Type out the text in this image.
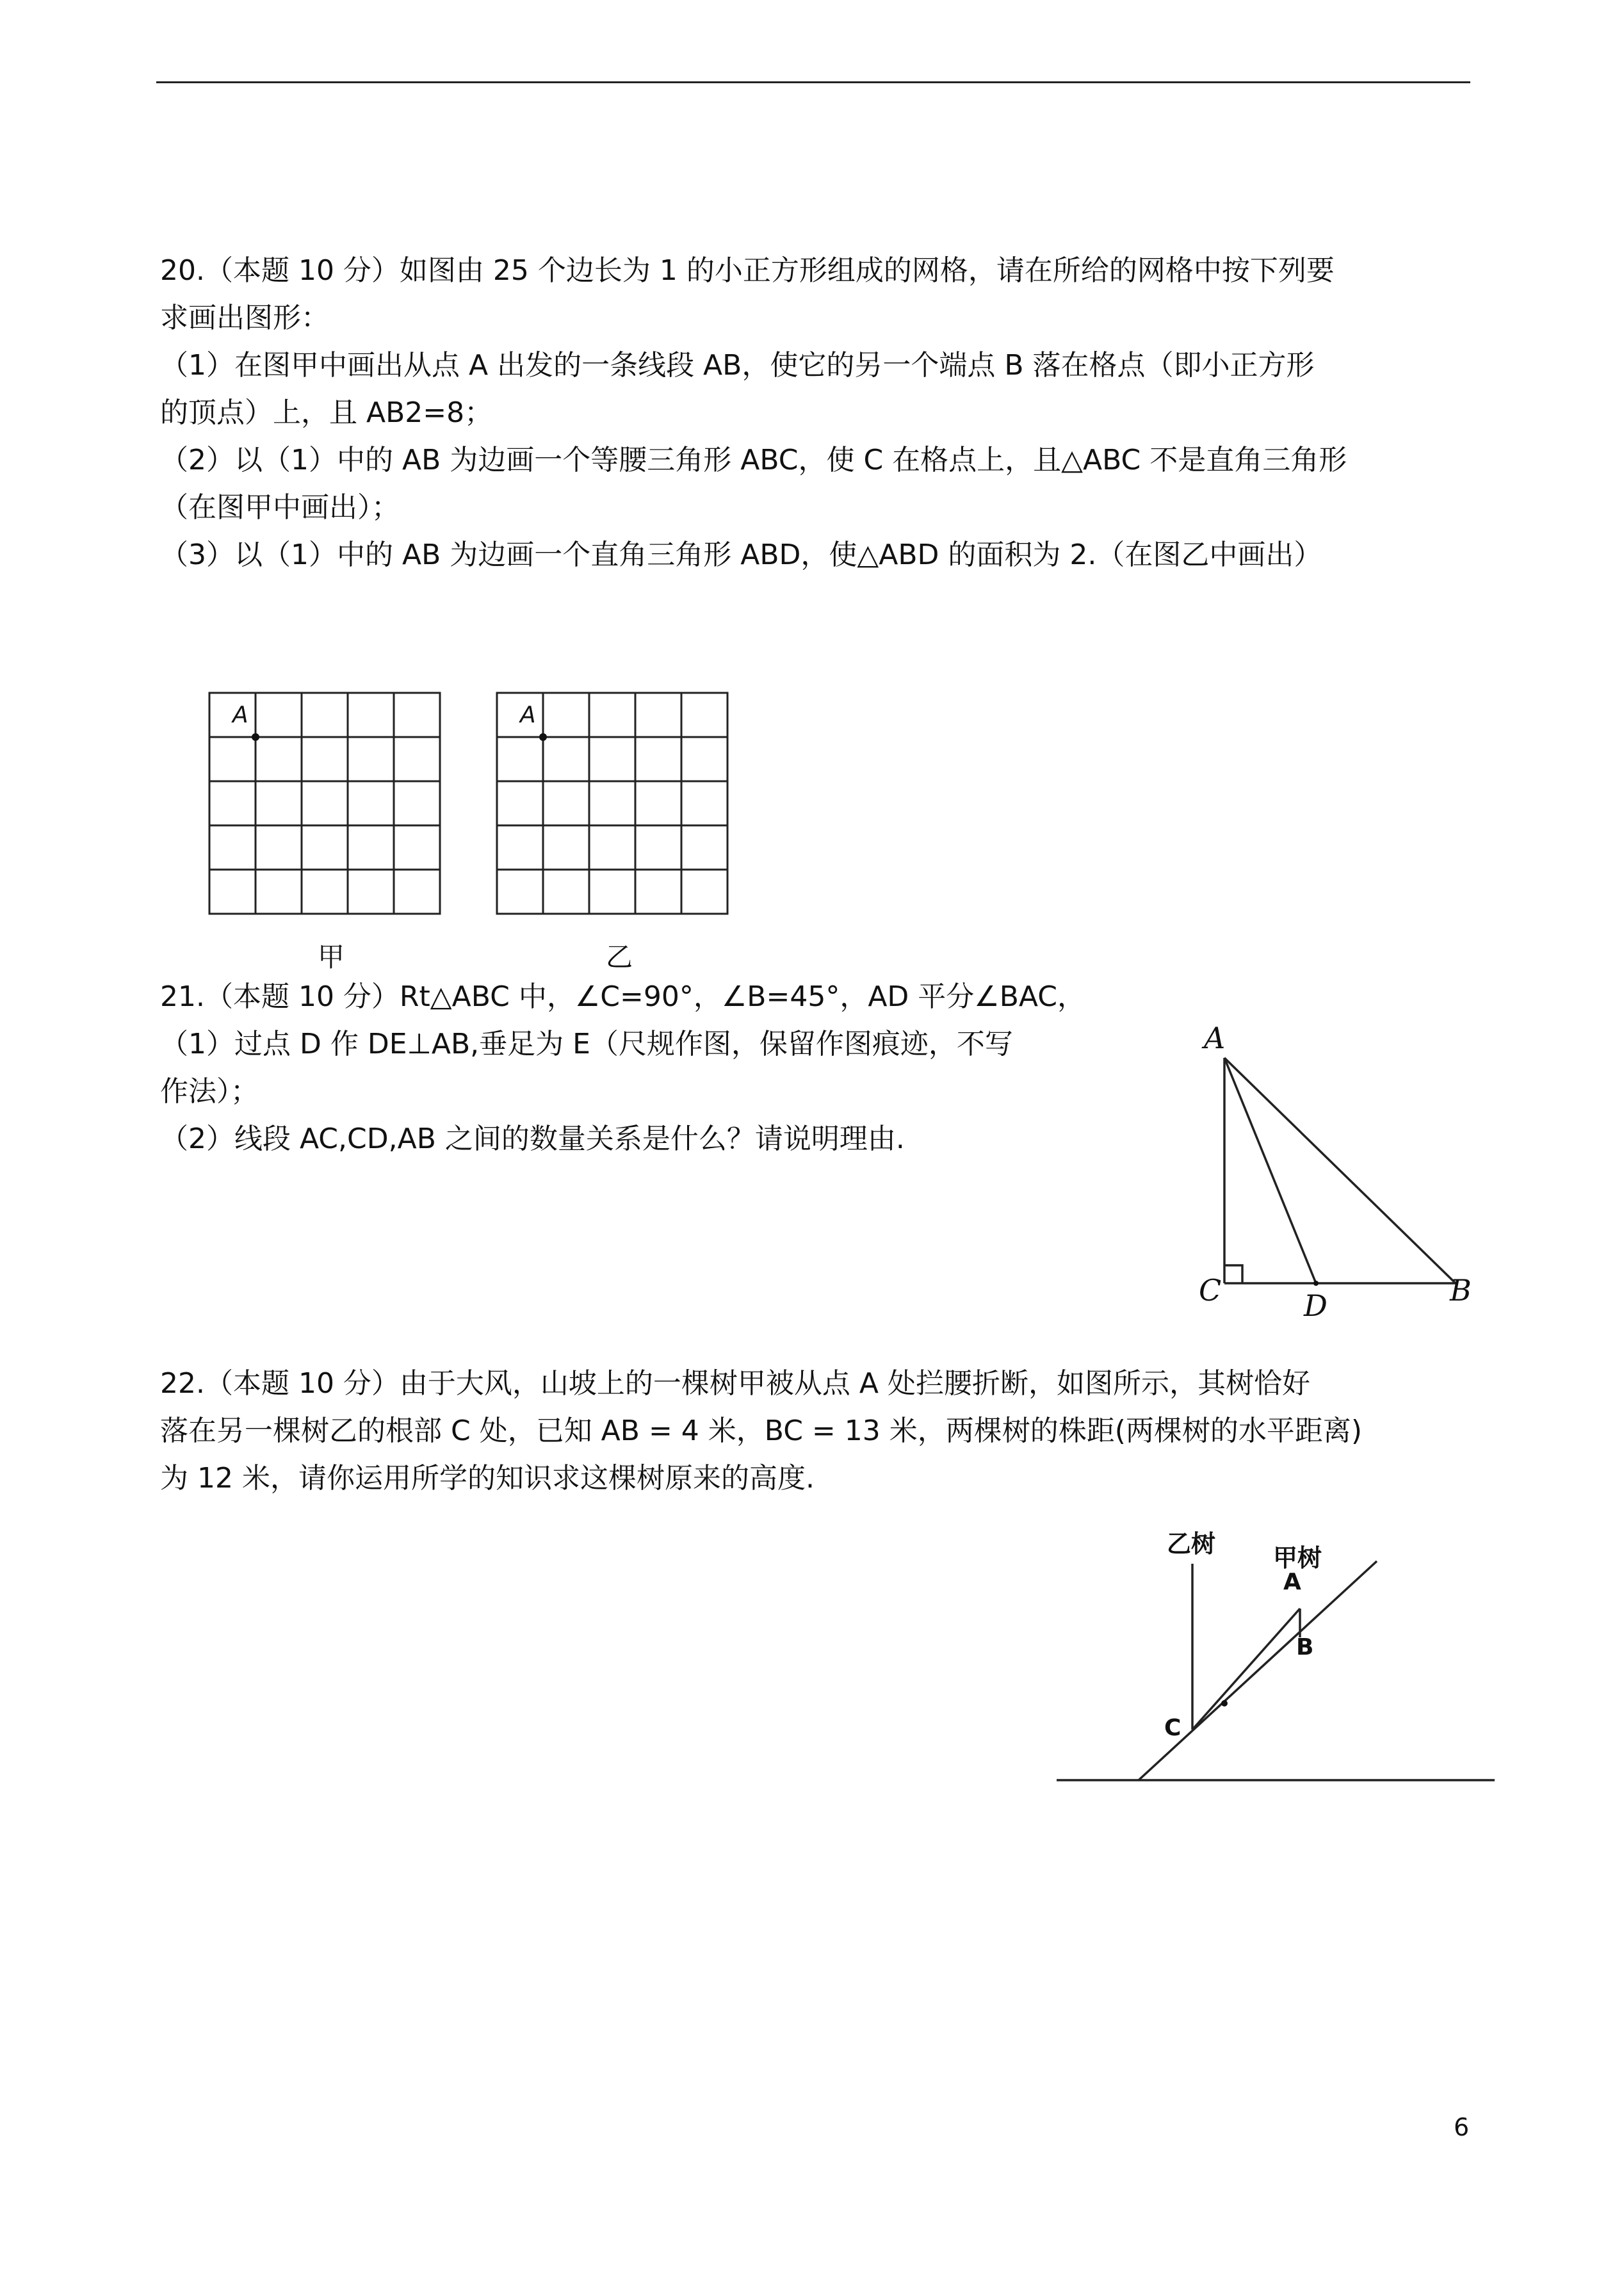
20.（本题 10 分）如图由 25 个边长为 1 的小正方形组成的网格，请在所给的网格中按下列要
求画出图形：
（1）在图甲中画出从点 A 出发的一条线段 AB，使它的另一个端点 B 落在格点（即小正方形
的顶点）上，且 AB2=8；
（2）以（1）中的 AB 为边画一个等腰三角形 ABC，使 C 在格点上，且△ABC 不是直角三角形
（在图甲中画出）；
（3）以（1）中的 AB 为边画一个直角三角形 ABD，使△ABD 的面积为 2.（在图乙中画出）
A	A
甲	乙
21.（本题 10 分）Rt△ABC 中，∠C=90°，∠B=45°，AD 平分∠BAC，
（1）过点 D 作 DE⊥AB,垂足为 E（尺规作图，保留作图痕迹，不写
作法）；
（2）线段 AC,CD,AB 之间的数量关系是什么？请说明理由.
A
C	D	B
22.（本题 10 分）由于大风，山坡上的一棵树甲被从点 A 处拦腰折断，如图所示，其树恰好
落在另一棵树乙的根部 C 处，已知 AB = 4 米，BC = 13 米，两棵树的株距(两棵树的水平距离)
为 12 米，请你运用所学的知识求这棵树原来的高度.
乙树 甲树
A
B
C
6
